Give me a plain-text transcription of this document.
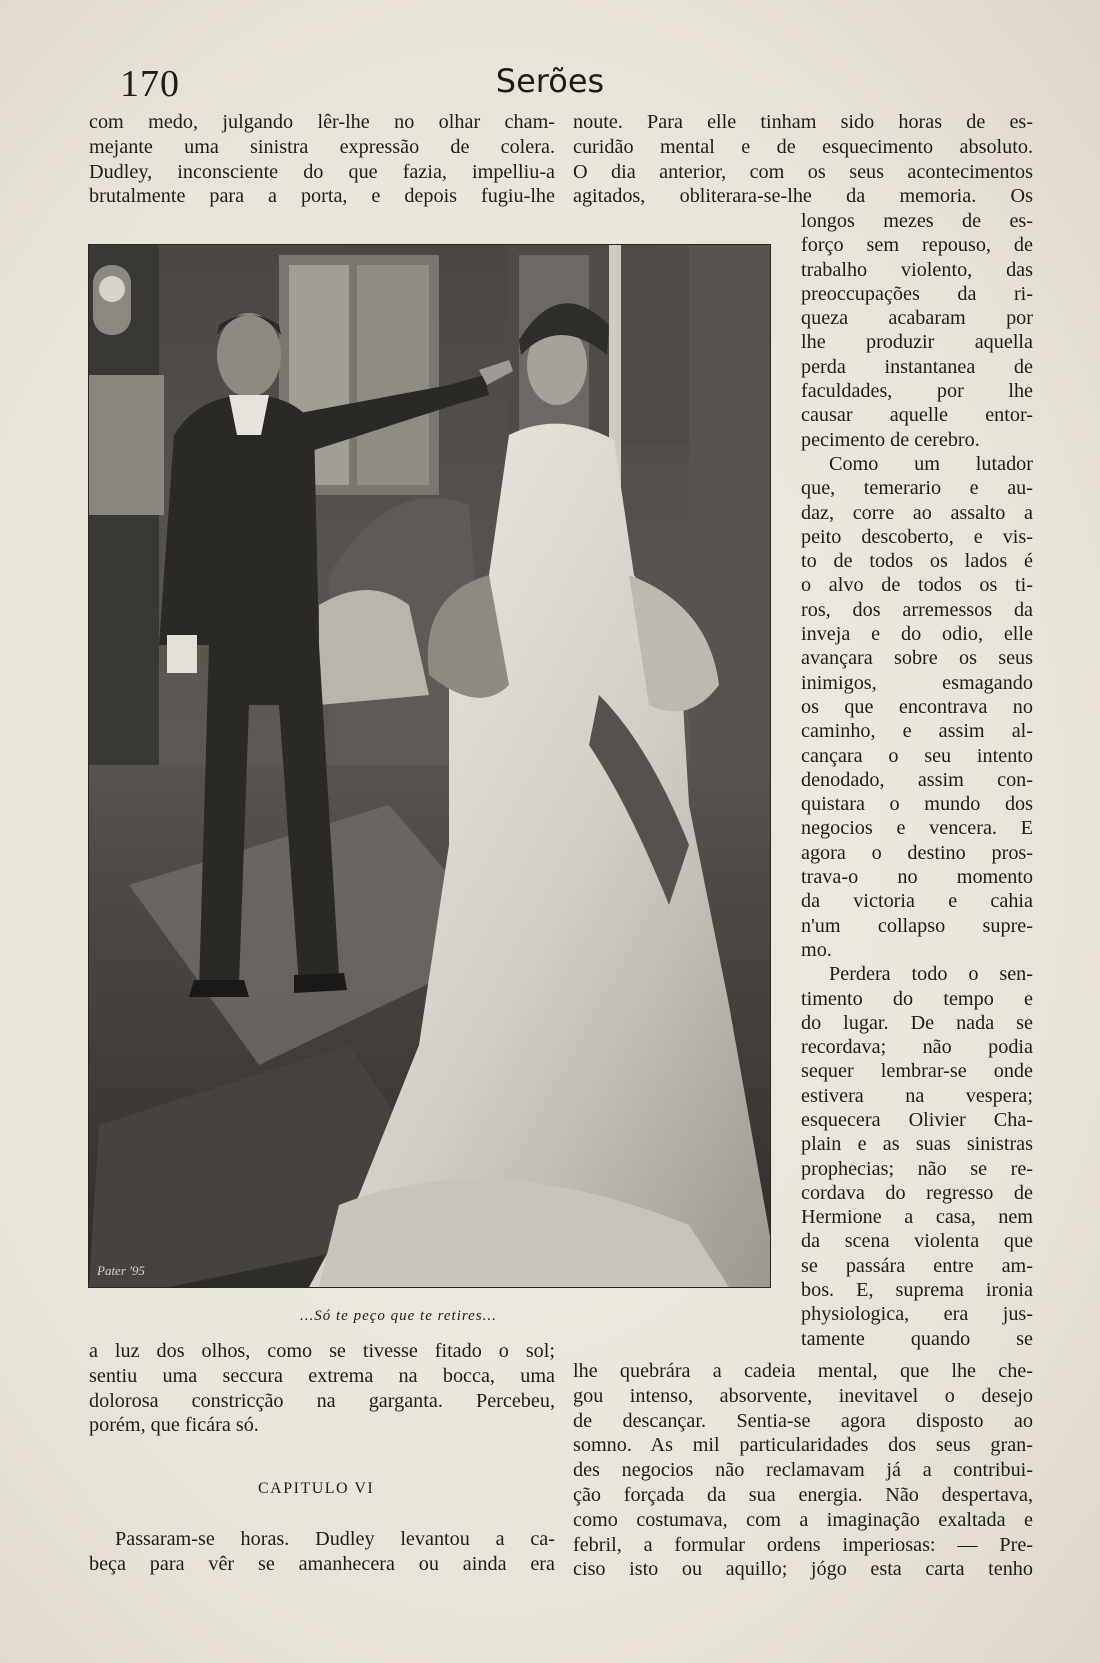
170	Serões
com medo, julgando lêr-lhe no olhar cham-
mejante uma sinistra expressão de colera.
Dudley, inconsciente do que fazia, impelliu-a
brutalmente para a porta, e depois fugiu-lhe
noute. Para elle tinham sido horas de es-
curidão mental e de esquecimento absoluto.
O dia anterior, com os seus acontecimentos
agitados, obliterara-se-lhe da memoria. Os
longos mezes de es-
forço sem repouso, de
trabalho violento, das
preoccupações da ri-
queza acabaram por
lhe produzir aquella
perda instantanea de
faculdades, por lhe
causar aquelle entor-
pecimento de cerebro.
Como um lutador
que, temerario e au-
daz, corre ao assalto a
peito descoberto, e vis-
to de todos os lados é
o alvo de todos os ti-
ros, dos arremessos da
inveja e do odio, elle
avançara sobre os seus
inimigos, esmagando
os que encontrava no
caminho, e assim al-
cançara o seu intento
denodado, assim con-
quistara o mundo dos
negocios e vencera. E
agora o destino pros-
trava-o no momento
da victoria e cahia
n'um collapso supre-
mo.
Perdera todo o sen-
timento do tempo e
do lugar. De nada se
recordava; não podia
sequer lembrar-se onde
estivera na vespera;
esquecera Olivier Cha-
plain e as suas sinistras
prophecias; não se re-
cordava do regresso de
Hermione a casa, nem
da scena violenta que
se passára entre am-
bos. E, suprema ironia
physiologica, era jus-
tamente quando se
Pater '95
...Só te peço que te retires...
a luz dos olhos, como se tivesse fitado o sol;
sentiu uma seccura extrema na bocca, uma
dolorosa constricção na garganta. Percebeu,
porém, que ficára só.
CAPITULO VI
Passaram-se horas. Dudley levantou a ca-
beça para vêr se amanhecera ou ainda era
lhe quebrára a cadeia mental, que lhe che-
gou intenso, absorvente, inevitavel o desejo
de descançar. Sentia-se agora disposto ao
somno. As mil particularidades dos seus gran-
des negocios não reclamavam já a contribui-
ção forçada da sua energia. Não despertava,
como costumava, com a imaginação exaltada e
febril, a formular ordens imperiosas: — Pre-
ciso isto ou aquillo; jógo esta carta tenho
